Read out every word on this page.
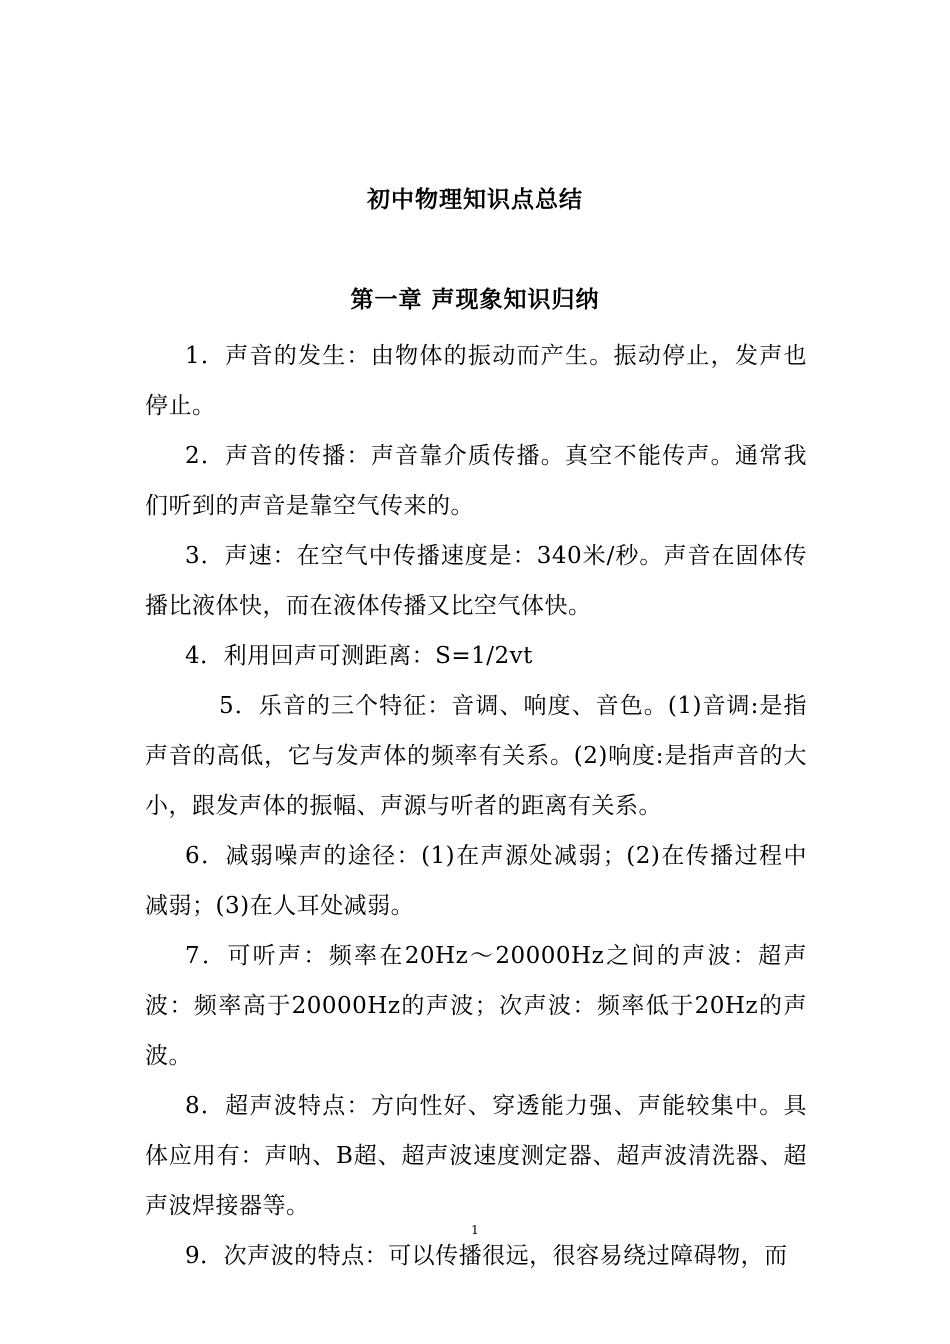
初中物理知识点总结
第一章 声现象知识归纳

1．声音的发生：由物体的振动而产生。振动停止，发声也停止。

2．声音的传播：声音靠介质传播。真空不能传声。通常我们听到的声音是靠空气传来的。

3．声速：在空气中传播速度是：340米/秒。声音在固体传播比液体快，而在液体传播又比空气体快。

4．利用回声可测距离：S=1/2vt

5．乐音的三个特征：音调、响度、音色。(1)音调:是指声音的高低，它与发声体的频率有关系。(2)响度:是指声音的大小，跟发声体的振幅、声源与听者的距离有关系。

6．减弱噪声的途径：(1)在声源处减弱；(2)在传播过程中减弱；(3)在人耳处减弱。

7．可听声：频率在20Hz～20000Hz之间的声波：超声波：频率高于20000Hz的声波；次声波：频率低于20Hz的声波。

8．超声波特点：方向性好、穿透能力强、声能较集中。具体应用有：声呐、B超、超声波速度测定器、超声波清洗器、超声波焊接器等。

9．次声波的特点：可以传播很远，很容易绕过障碍物，而

1
